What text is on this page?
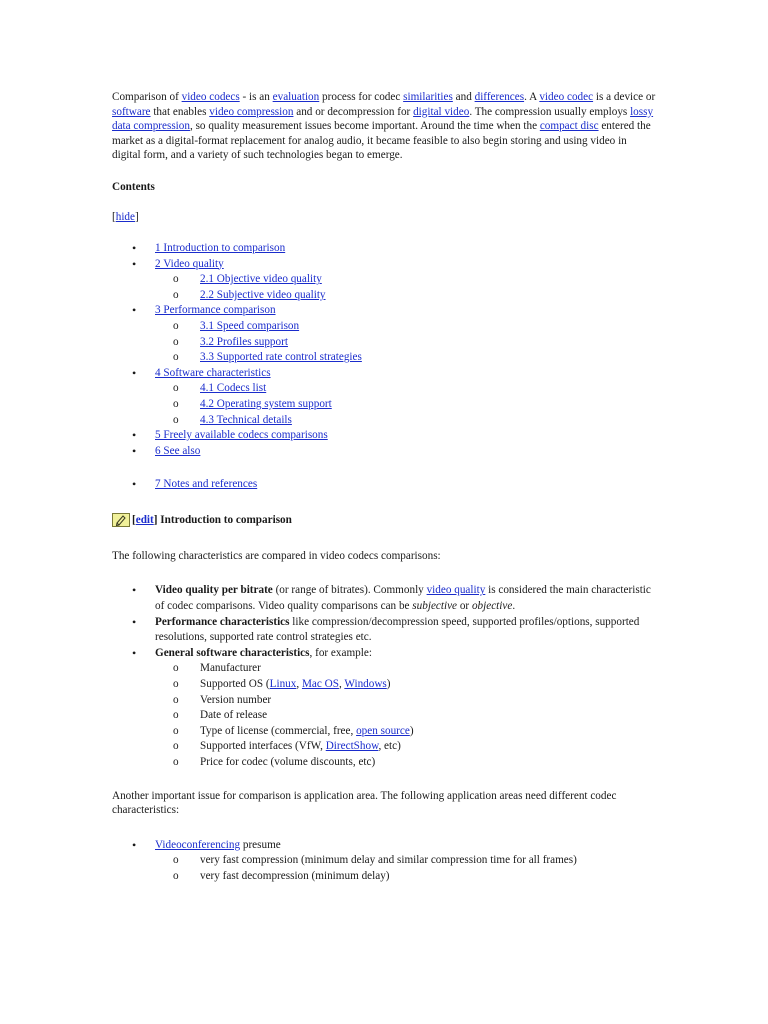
Comparison of video codecs - is an evaluation process for codec similarities and differences. A video codec is a device or software that enables video compression and or decompression for digital video. The compression usually employs lossy data compression, so quality measurement issues become important. Around the time when the compact disc entered the market as a digital-format replacement for analog audio, it became feasible to also begin storing and using video in digital form, and a variety of such technologies began to emerge.

Contents
[hide]
• 1 Introduction to comparison
• 2 Video quality
o 2.1 Objective video quality
o 2.2 Subjective video quality
• 3 Performance comparison
o 3.1 Speed comparison
o 3.2 Profiles support
o 3.3 Supported rate control strategies
• 4 Software characteristics
o 4.1 Codecs list
o 4.2 Operating system support
o 4.3 Technical details
• 5 Freely available codecs comparisons
• 6 See also
• 7 Notes and references
[ edit ] Introduction to comparison

The following characteristics are compared in video codecs comparisons:

• Video quality per bitrate (or range of bitrates). Commonly video quality is considered the main characteristic of codec comparisons. Video quality comparisons can be subjective or objective.
• Performance characteristics like compression/decompression speed, supported profiles/options, supported resolutions, supported rate control strategies etc.
• General software characteristics, for example:
o Manufacturer
o Supported OS (Linux, Mac OS, Windows)
o Version number
o Date of release
o Type of license (commercial, free, open source)
o Supported interfaces (VfW, DirectShow, etc)
o Price for codec (volume discounts, etc)

Another important issue for comparison is application area. The following application areas need different codec characteristics:

• Videoconferencing presume
o very fast compression (minimum delay and similar compression time for all frames)
o very fast decompression (minimum delay)
